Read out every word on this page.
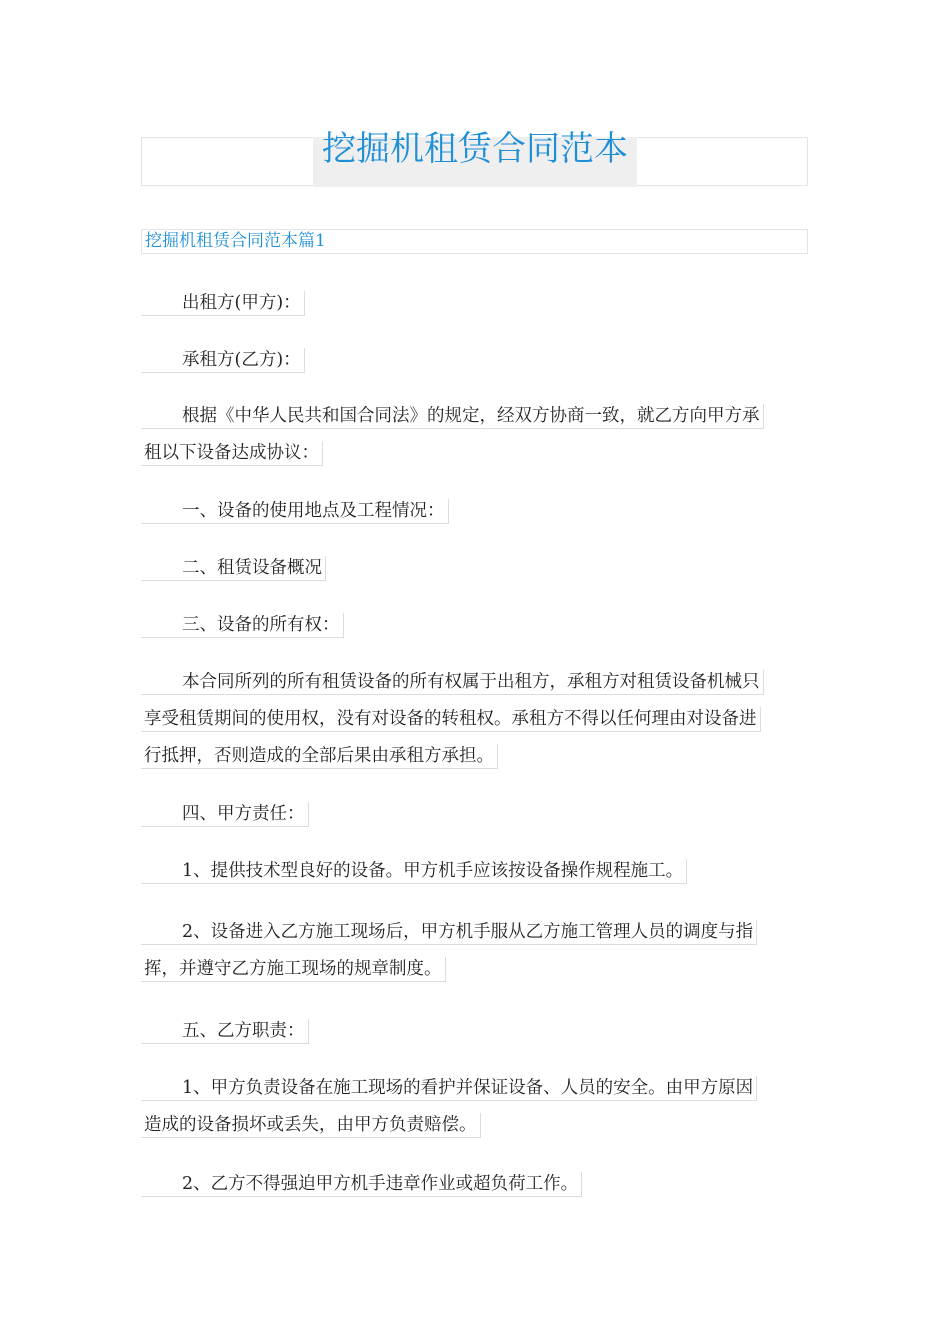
挖掘机租赁合同范本
挖掘机租赁合同范本篇1
出租方(甲方)：
承租方(乙方)：
根据《中华人民共和国合同法》的规定，经双方协商一致，就乙方向甲方承
租以下设备达成协议：
一、设备的使用地点及工程情况：
二、租赁设备概况
三、设备的所有权：
本合同所列的所有租赁设备的所有权属于出租方，承租方对租赁设备机械只
享受租赁期间的使用权，没有对设备的转租权。承租方不得以任何理由对设备进
行抵押，否则造成的全部后果由承租方承担。
四、甲方责任：
1、提供技术型良好的设备。甲方机手应该按设备操作规程施工。
2、设备进入乙方施工现场后，甲方机手服从乙方施工管理人员的调度与指
挥，并遵守乙方施工现场的规章制度。
五、乙方职责：
1、甲方负责设备在施工现场的看护并保证设备、人员的安全。由甲方原因
造成的设备损坏或丢失，由甲方负责赔偿。
2、乙方不得强迫甲方机手违章作业或超负荷工作。
